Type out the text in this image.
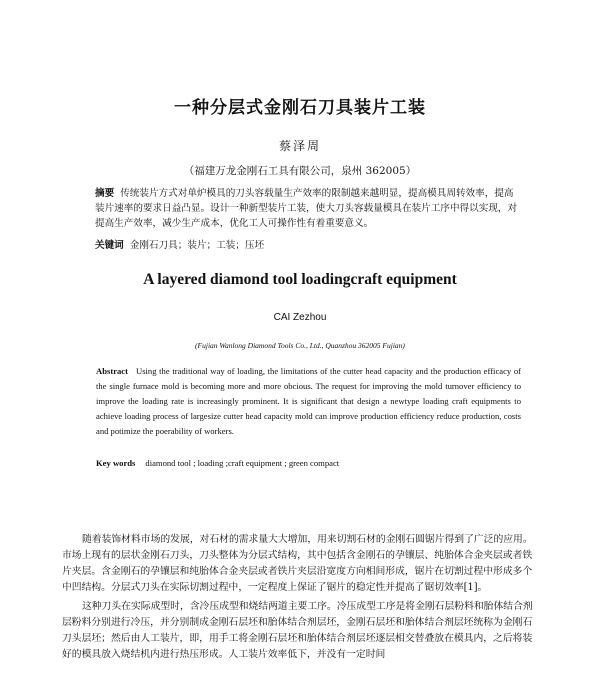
一种分层式金刚石刀具装片工装
蔡泽周
（福建万龙金刚石工具有限公司，泉州 362005）
摘要 传统装片方式对单炉模具的刀头容载量生产效率的限制越来越明显，提高模具周转效率，提高装片速率的要求日益凸显。设计一种新型装片工装，使大刀头容载量模具在装片工序中得以实现，对提高生产效率，减少生产成本，优化工人可操作性有着重要意义。
关键词 金刚石刀具；装片；工装；压坯
A layered diamond tool loadingcraft equipment
CAI Zezhou
(Fujian Wanlong Diamond Tools Co., Ltd., Quanzhou 362005 Fujian)
Abstract Using the traditional way of loading, the limitations of the cutter head capacity and the production efficacy of the single furnace mold is becoming more and more obcious. The request for improving the mold turnover efficiency to improve the loading rate is increasingly prominent. It is significant that design a newtype loading craft equipments to achieve loading process of largesize cutter head capacity mold can improve production efficiency reduce production, costs and potimize the poerability of workers.
Key words diamond tool ; loading ;craft equipment ; green compact

随着装饰材料市场的发展，对石材的需求量大大增加，用来切割石材的金刚石圆锯片得到了广泛的应用。市场上现有的层状金刚石刀头，刀头整体为分层式结构，其中包括含金刚石的孕镶层、纯胎体合金夹层或者铁片夹层。含金刚石的孕镶层和纯胎体合金夹层或者铁片夹层沿宽度方向相间形成，锯片在切割过程中形成多个中凹结构。分层式刀头在实际切割过程中，一定程度上保证了锯片的稳定性并提高了锯切效率[1]。

这种刀头在实际成型时，含冷压成型和烧结两道主要工序。冷压成型工序是将金刚石层粉料和胎体结合剂层粉料分别进行冷压，并分别制成金刚石层坯和胎体结合剂层坯，金刚石层坯和胎体结合剂层坯统称为金刚石刀头层坯；然后由人工装片，即，用手工将金刚石层坯和胎体结合剂层坯逐层相交替叠放在模具内，之后将装好的模具放入烧结机内进行热压形成。人工装片效率低下，并没有一定时间
